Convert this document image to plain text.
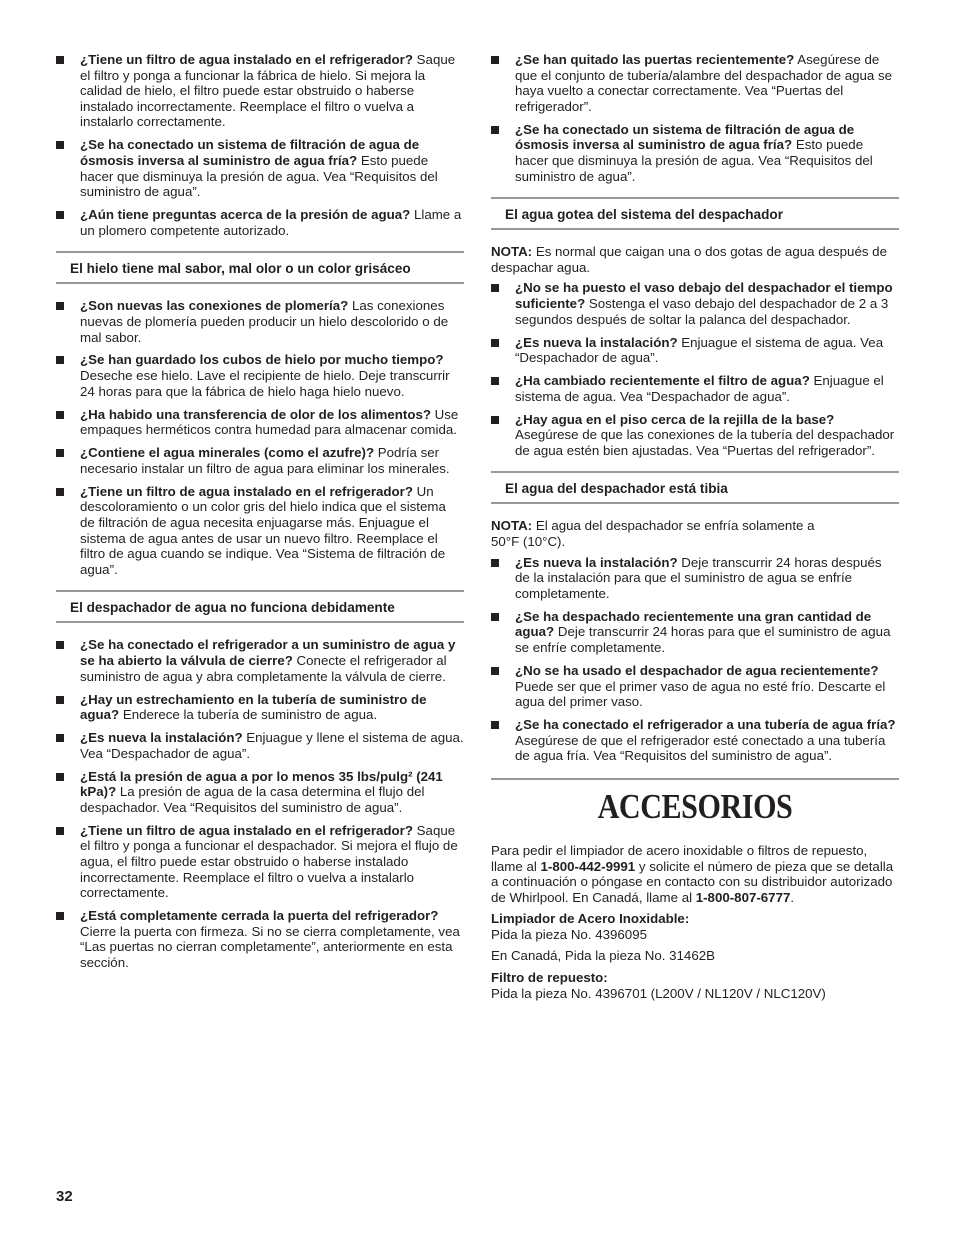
¿Tiene un filtro de agua instalado en el refrigerador? Saque el filtro y ponga a funcionar la fábrica de hielo. Si mejora la calidad de hielo, el filtro puede estar obstruido o haberse instalado incorrectamente. Reemplace el filtro o vuelva a instalarlo correctamente.
¿Se ha conectado un sistema de filtración de agua de ósmosis inversa al suministro de agua fría? Esto puede hacer que disminuya la presión de agua. Vea “Requisitos del suministro de agua”.
¿Aún tiene preguntas acerca de la presión de agua? Llame a un plomero competente autorizado.
El hielo tiene mal sabor, mal olor o un color grisáceo
¿Son nuevas las conexiones de plomería? Las conexiones nuevas de plomería pueden producir un hielo descolorido o de mal sabor.
¿Se han guardado los cubos de hielo por mucho tiempo? Deseche ese hielo. Lave el recipiente de hielo. Deje transcurrir 24 horas para que la fábrica de hielo haga hielo nuevo.
¿Ha habido una transferencia de olor de los alimentos? Use empaques herméticos contra humedad para almacenar comida.
¿Contiene el agua minerales (como el azufre)? Podría ser necesario instalar un filtro de agua para eliminar los minerales.
¿Tiene un filtro de agua instalado en el refrigerador? Un descoloramiento o un color gris del hielo indica que el sistema de filtración de agua necesita enjuagarse más. Enjuague el sistema de agua antes de usar un nuevo filtro. Reemplace el filtro de agua cuando se indique. Vea “Sistema de filtración de agua”.
El despachador de agua no funciona debidamente
¿Se ha conectado el refrigerador a un suministro de agua y se ha abierto la válvula de cierre? Conecte el refrigerador al suministro de agua y abra completamente la válvula de cierre.
¿Hay un estrechamiento en la tubería de suministro de agua? Enderece la tubería de suministro de agua.
¿Es nueva la instalación? Enjuague y llene el sistema de agua. Vea “Despachador de agua”.
¿Está la presión de agua a por lo menos 35 lbs/pulg² (241 kPa)? La presión de agua de la casa determina el flujo del despachador. Vea “Requisitos del suministro de agua”.
¿Tiene un filtro de agua instalado en el refrigerador? Saque el filtro y ponga a funcionar el despachador. Si mejora el flujo de agua, el filtro puede estar obstruido o haberse instalado incorrectamente. Reemplace el filtro o vuelva a instalarlo correctamente.
¿Está completamente cerrada la puerta del refrigerador? Cierre la puerta con firmeza. Si no se cierra completamente, vea “Las puertas no cierran completamente”, anteriormente en esta sección.
¿Se han quitado las puertas recientemente? Asegúrese de que el conjunto de tubería/alambre del despachador de agua se haya vuelto a conectar correctamente. Vea “Puertas del refrigerador”.
¿Se ha conectado un sistema de filtración de agua de ósmosis inversa al suministro de agua fría? Esto puede hacer que disminuya la presión de agua. Vea “Requisitos del suministro de agua”.
El agua gotea del sistema del despachador
NOTA: Es normal que caigan una o dos gotas de agua después de despachar agua.
¿No se ha puesto el vaso debajo del despachador el tiempo suficiente? Sostenga el vaso debajo del despachador de 2 a 3 segundos después de soltar la palanca del despachador.
¿Es nueva la instalación? Enjuague el sistema de agua. Vea “Despachador de agua”.
¿Ha cambiado recientemente el filtro de agua? Enjuague el sistema de agua. Vea “Despachador de agua”.
¿Hay agua en el piso cerca de la rejilla de la base? Asegúrese de que las conexiones de la tubería del despachador de agua estén bien ajustadas. Vea “Puertas del refrigerador”.
El agua del despachador está tibia
NOTA: El agua del despachador se enfría solamente a
50°F (10°C).
¿Es nueva la instalación? Deje transcurrir 24 horas después de la instalación para que el suministro de agua se enfríe completamente.
¿Se ha despachado recientemente una gran cantidad de agua? Deje transcurrir 24 horas para que el suministro de agua se enfríe completamente.
¿No se ha usado el despachador de agua recientemente? Puede ser que el primer vaso de agua no esté frío. Descarte el agua del primer vaso.
¿Se ha conectado el refrigerador a una tubería de agua fría? Asegúrese de que el refrigerador esté conectado a una tubería de agua fría. Vea “Requisitos del suministro de agua”.
ACCESORIOS
Para pedir el limpiador de acero inoxidable o filtros de repuesto, llame al 1-800-442-9991 y solicite el número de pieza que se detalla a continuación o póngase en contacto con su distribuidor autorizado de Whirlpool. En Canadá, llame al 1-800-807-6777.
Limpiador de Acero Inoxidable:
Pida la pieza No. 4396095
En Canadá, Pida la pieza No. 31462B
Filtro de repuesto:
Pida la pieza No. 4396701 (L200V / NL120V / NLC120V)
32
